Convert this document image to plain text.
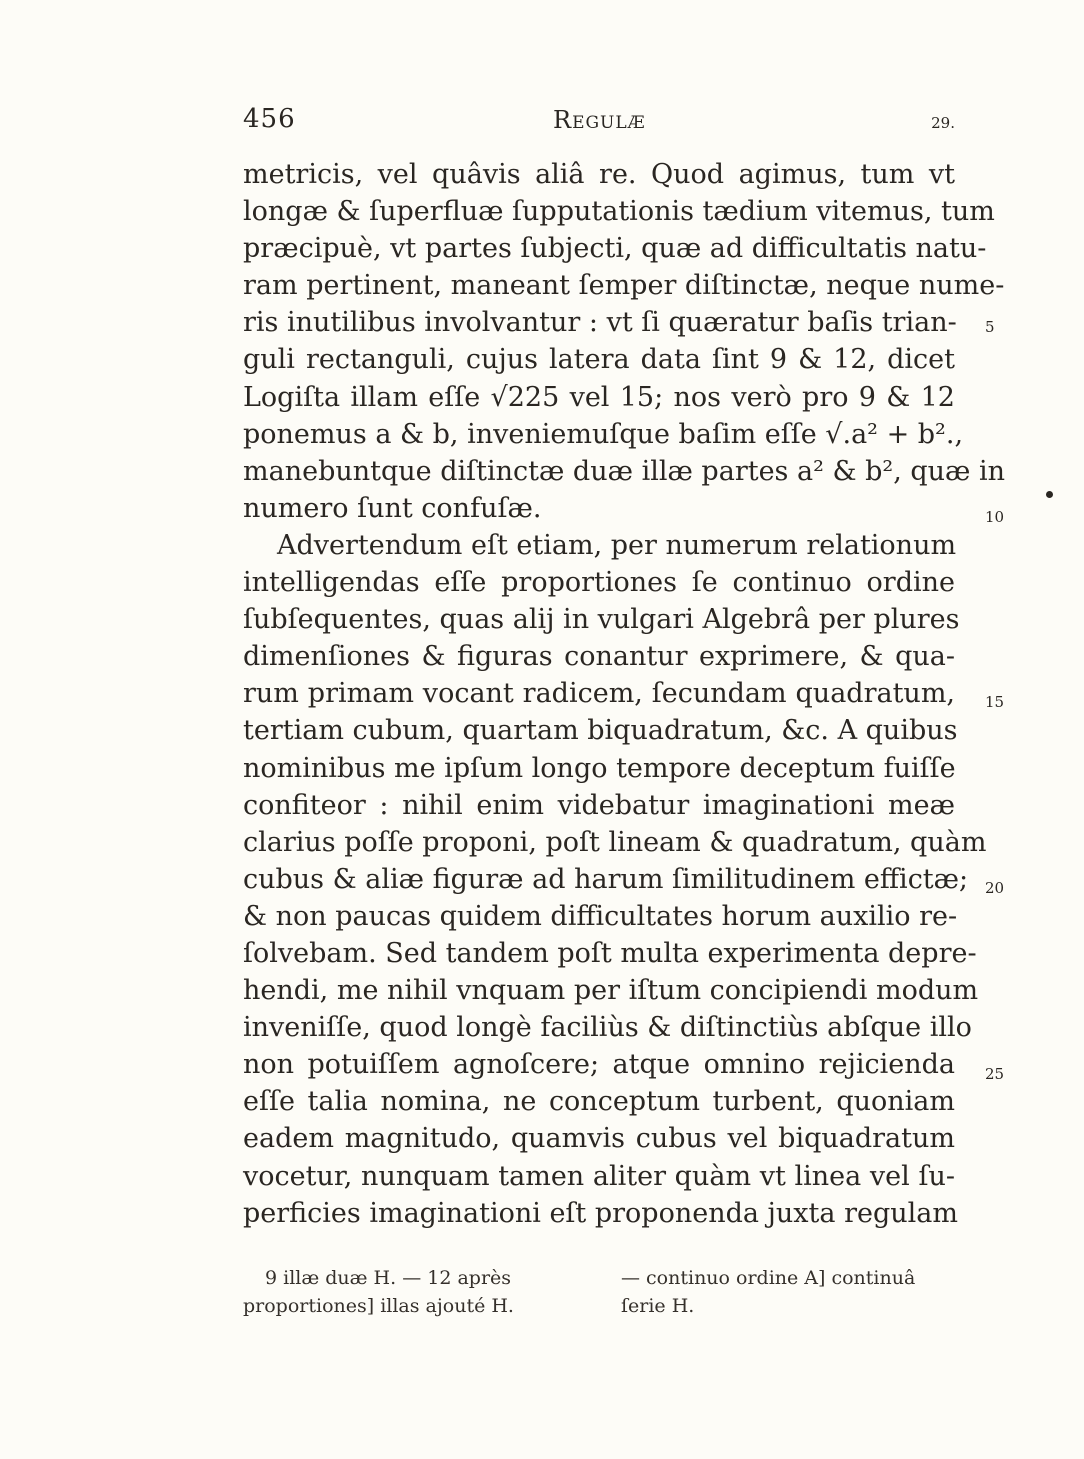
456	Regulæ	29.
metricis, vel quâvis aliâ re. Quod agimus, tum vt
longæ & ſuperfluæ ſupputationis tædium vitemus, tum
præcipuè, vt partes ſubjecti, quæ ad difficultatis natu-
ram pertinent, maneant ſemper diſtinctæ, neque nume-
ris inutilibus involvantur : vt ſi quæratur baſis trian-
guli rectanguli, cujus latera data ſint 9 & 12, dicet
Logiſta illam eſſe √225 vel 15; nos verò pro 9 & 12
ponemus a & b, inveniemuſque baſim eſſe √.a² + b².,
manebuntque diſtinctæ duæ illæ partes a² & b², quæ in
numero ſunt confuſæ.
Advertendum eſt etiam, per numerum relationum
intelligendas eſſe proportiones ſe continuo ordine
ſubſequentes, quas alij in vulgari Algebrâ per plures
dimenſiones & figuras conantur exprimere, & qua-
rum primam vocant radicem, ſecundam quadratum,
tertiam cubum, quartam biquadratum, &c. A quibus
nominibus me ipſum longo tempore deceptum fuiſſe
confiteor : nihil enim videbatur imaginationi meæ
clarius poſſe proponi, poſt lineam & quadratum, quàm
cubus & aliæ figuræ ad harum ſimilitudinem effictæ;
& non paucas quidem difficultates horum auxilio re-
ſolvebam. Sed tandem poſt multa experimenta depre-
hendi, me nihil vnquam per iſtum concipiendi modum
inveniſſe, quod longè faciliùs & diſtinctiùs abſque illo
non potuiſſem agnoſcere; atque omnino rejicienda
eſſe talia nomina, ne conceptum turbent, quoniam
eadem magnitudo, quamvis cubus vel biquadratum
vocetur, nunquam tamen aliter quàm vt linea vel ſu-
perficies imaginationi eſt proponenda juxta regulam
5
10
15
20
25
9 illæ duæ H. — 12 après	— continuo ordine A] continuâ
proportiones] illas ajouté H.	ſerie H.
